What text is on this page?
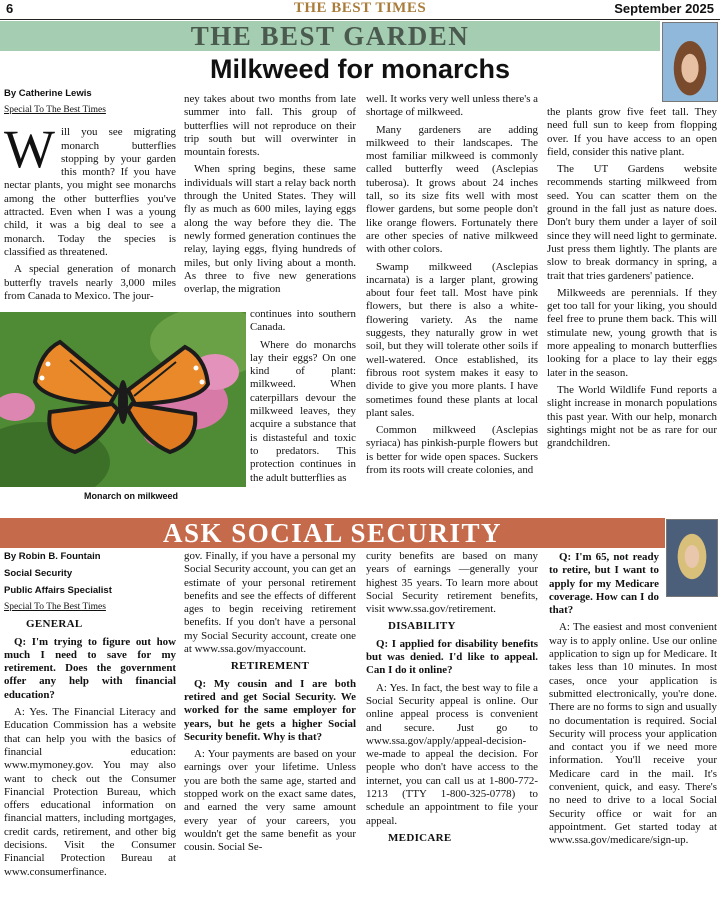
6	THE BEST TIMES	September 2025
THE BEST GARDEN
Milkweed for monarchs

By Catherine Lewis

Special To The Best Times

W ill you see migrating monarch butterflies stopping by your garden this month? If you have nectar plants, you might see monarchs among the other butterflies you've attracted. Even when I was a young child, it was a big deal to see a monarch. Today the species is classified as threatened.

A special generation of monarch butterfly travels nearly 3,000 miles from Canada to Mexico. The jour-

ney takes about two months from late summer into fall. This group of butterflies will not reproduce on their trip south but will overwinter in mountain forests.

When spring begins, these same individuals will start a relay back north through the United States. They will fly as much as 600 miles, laying eggs along the way before they die. The newly formed generation continues the relay, laying eggs, flying hundreds of miles, but only living about a month. As three to five new generations overlap, the migration

continues into southern Canada.

Where do monarchs lay their eggs? On one kind of plant: milkweed. When caterpillars devour the milkweed leaves, they acquire a substance that is distasteful and toxic to predators. This protection continues in the adult butterflies as

Monarch on milkweed

well. It works very well unless there's a shortage of milkweed.

Many gardeners are adding milkweed to their landscapes. The most familiar milkweed is commonly called butterfly weed (Asclepias tuberosa). It grows about 24 inches tall, so its size fits well with most flower gardens, but some people don't like orange flowers. Fortunately there are other species of native milkweed with other colors.

Swamp milkweed (Asclepias incarnata) is a larger plant, growing about four feet tall. Most have pink flowers, but there is also a white-flowering variety. As the name suggests, they naturally grow in wet soil, but they will tolerate other soils if well-watered. Once established, its fibrous root system makes it easy to divide to give you more plants. I have sometimes found these plants at local plant sales.

Common milkweed (Asclepias syriaca) has pinkish-purple flowers but is better for wide open spaces. Suckers from its roots will create colonies, and

the plants grow five feet tall. They need full sun to keep from flopping over. If you have access to an open field, consider this native plant.

The UT Gardens website recommends starting milkweed from seed. You can scatter them on the ground in the fall just as nature does. Don't bury them under a layer of soil since they will need light to germinate. Just press them lightly. The plants are slow to break dormancy in spring, a trait that tries gardeners' patience.

Milkweeds are perennials. If they get too tall for your liking, you should feel free to prune them back. This will stimulate new, young growth that is more appealing to monarch butterflies looking for a place to lay their eggs later in the season.

The World Wildlife Fund reports a slight increase in monarch populations this past year. With our help, monarch sightings might not be as rare for our grandchildren.

ASK SOCIAL SECURITY

By Robin B. Fountain

Social Security

Public Affairs Specialist

Special To The Best Times

GENERAL

Q: I'm trying to figure out how much I need to save for my retirement. Does the government offer any help with financial education?

A: Yes. The Financial Literacy and Education Commission has a website that can help you with the basics of financial education: www.mymoney.gov. You may also want to check out the Consumer Financial Protection Bureau, which offers educational information on financial matters, including mortgages, credit cards, retirement, and other big decisions. Visit the Consumer Financial Protection Bureau at www.consumerfinance.

gov. Finally, if you have a personal my Social Security account, you can get an estimate of your personal retirement benefits and see the effects of different ages to begin receiving retirement benefits. If you don't have a personal my Social Security account, create one at www.ssa.gov/myaccount.

RETIREMENT

Q: My cousin and I are both retired and get Social Security. We worked for the same employer for years, but he gets a higher Social Security benefit. Why is that?

A: Your payments are based on your earnings over your lifetime. Unless you are both the same age, started and stopped work on the exact same dates, and earned the very same amount every year of your careers, you wouldn't get the same benefit as your cousin. Social Se-

curity benefits are based on many years of earnings —generally your highest 35 years. To learn more about Social Security retirement benefits, visit www.ssa.gov/retirement.

DISABILITY

Q: I applied for disability benefits but was denied. I'd like to appeal. Can I do it online?

A: Yes. In fact, the best way to file a Social Security appeal is online. Our online appeal process is convenient and secure. Just go to www.ssa.gov/apply/appeal-decision-we-made to appeal the decision. For people who don't have access to the internet, you can call us at 1-800-772-1213 (TTY 1-800-325-0778) to schedule an appointment to file your appeal.

MEDICARE

Q: I'm 65, not ready to retire, but I want to apply for my Medicare coverage. How can I do that?

A: The easiest and most convenient way is to apply online. Use our online application to sign up for Medicare. It takes less than 10 minutes. In most cases, once your application is submitted electronically, you're done. There are no forms to sign and usually no documentation is required. Social Security will process your application and contact you if we need more information. You'll receive your Medicare card in the mail. It's convenient, quick, and easy. There's no need to drive to a local Social Security office or wait for an appointment. Get started today at www.ssa.gov/medicare/sign-up.
